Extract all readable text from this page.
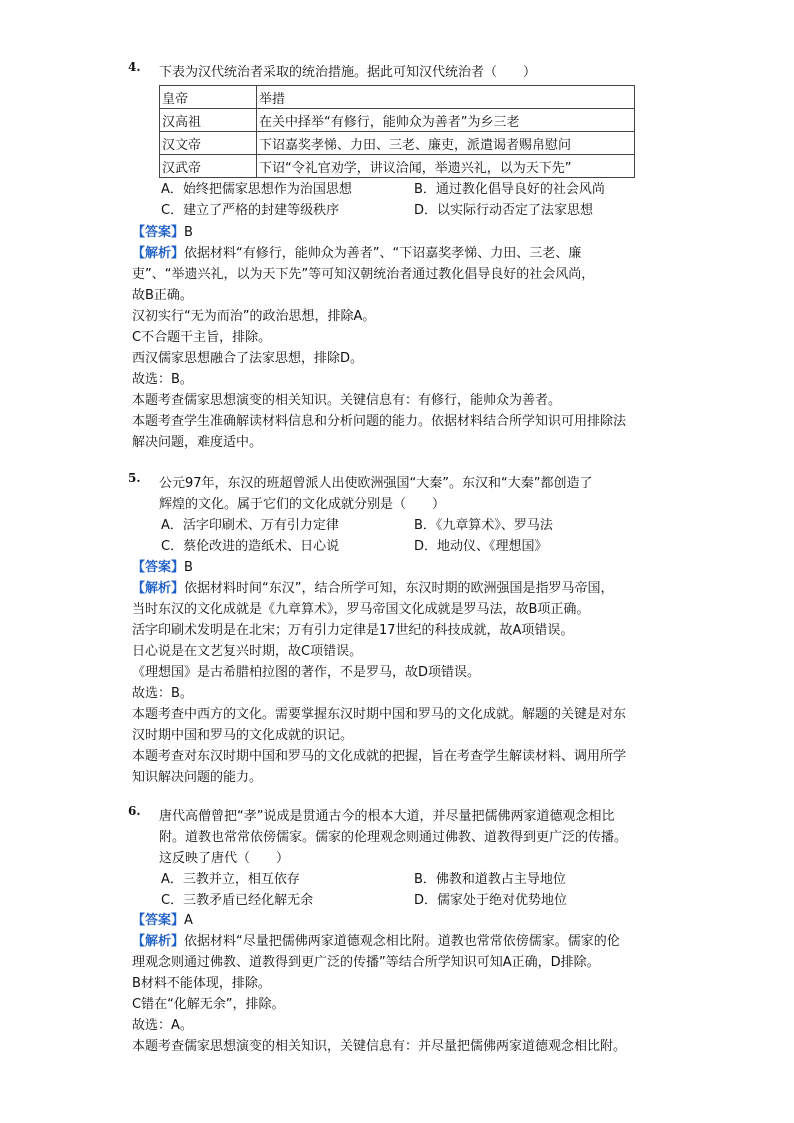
4. 下表为汉代统治者采取的统治措施。据此可知汉代统治者（　　）
皇帝	举措
汉高祖	在关中择举“有修行，能帅众为善者”为乡三老
汉文帝	下诏嘉奖孝悌、力田、三老、廉吏，派遣谒者赐帛慰问
汉武帝	下诏“令礼官劝学，讲议洽闻，举遗兴礼，以为天下先”
A．始终把儒家思想作为治国思想	B．通过教化倡导良好的社会风尚
C．建立了严格的封建等级秩序	D．以实际行动否定了法家思想
【答案】B
【解析】依据材料“有修行，能帅众为善者”、“下诏嘉奖孝悌、力田、三老、廉
吏”、“举遗兴礼，以为天下先”等可知汉朝统治者通过教化倡导良好的社会风尚，
故B正确。
汉初实行“无为而治”的政治思想，排除A。
C不合题干主旨，排除。
西汉儒家思想融合了法家思想，排除D。
故选：B。
本题考查儒家思想演变的相关知识。关键信息有：有修行，能帅众为善者。
本题考查学生准确解读材料信息和分析问题的能力。依据材料结合所学知识可用排除法
解决问题，难度适中。
5. 公元97年，东汉的班超曾派人出使欧洲强国“大秦”。东汉和“大秦”都创造了
辉煌的文化。属于它们的文化成就分别是（　　）
A．活字印刷术、万有引力定律	B．《九章算术》、罗马法
C．蔡伦改进的造纸术、日心说	D．地动仪、《理想国》
【答案】B
【解析】依据材料时间“东汉”，结合所学可知，东汉时期的欧洲强国是指罗马帝国，
当时东汉的文化成就是《九章算术》，罗马帝国文化成就是罗马法，故B项正确。
活字印刷术发明是在北宋；万有引力定律是17世纪的科技成就，故A项错误。
日心说是在文艺复兴时期，故C项错误。
《理想国》是古希腊柏拉图的著作，不是罗马，故D项错误。
故选：B。
本题考查中西方的文化。需要掌握东汉时期中国和罗马的文化成就。解题的关键是对东
汉时期中国和罗马的文化成就的识记。
本题考查对东汉时期中国和罗马的文化成就的把握，旨在考查学生解读材料、调用所学
知识解决问题的能力。
6. 唐代高僧曾把“孝”说成是贯通古今的根本大道，并尽量把儒佛两家道德观念相比
附。道教也常常依傍儒家。儒家的伦理观念则通过佛教、道教得到更广泛的传播。
这反映了唐代（　　）
A．三教并立，相互依存	B．佛教和道教占主导地位
C．三教矛盾已经化解无余	D．儒家处于绝对优势地位
【答案】A
【解析】依据材料“尽量把儒佛两家道德观念相比附。道教也常常依傍儒家。儒家的伦
理观念则通过佛教、道教得到更广泛的传播”等结合所学知识可知A正确，D排除。
B材料不能体现，排除。
C错在“化解无余”，排除。
故选：A。
本题考查儒家思想演变的相关知识，关键信息有：并尽量把儒佛两家道德观念相比附。
